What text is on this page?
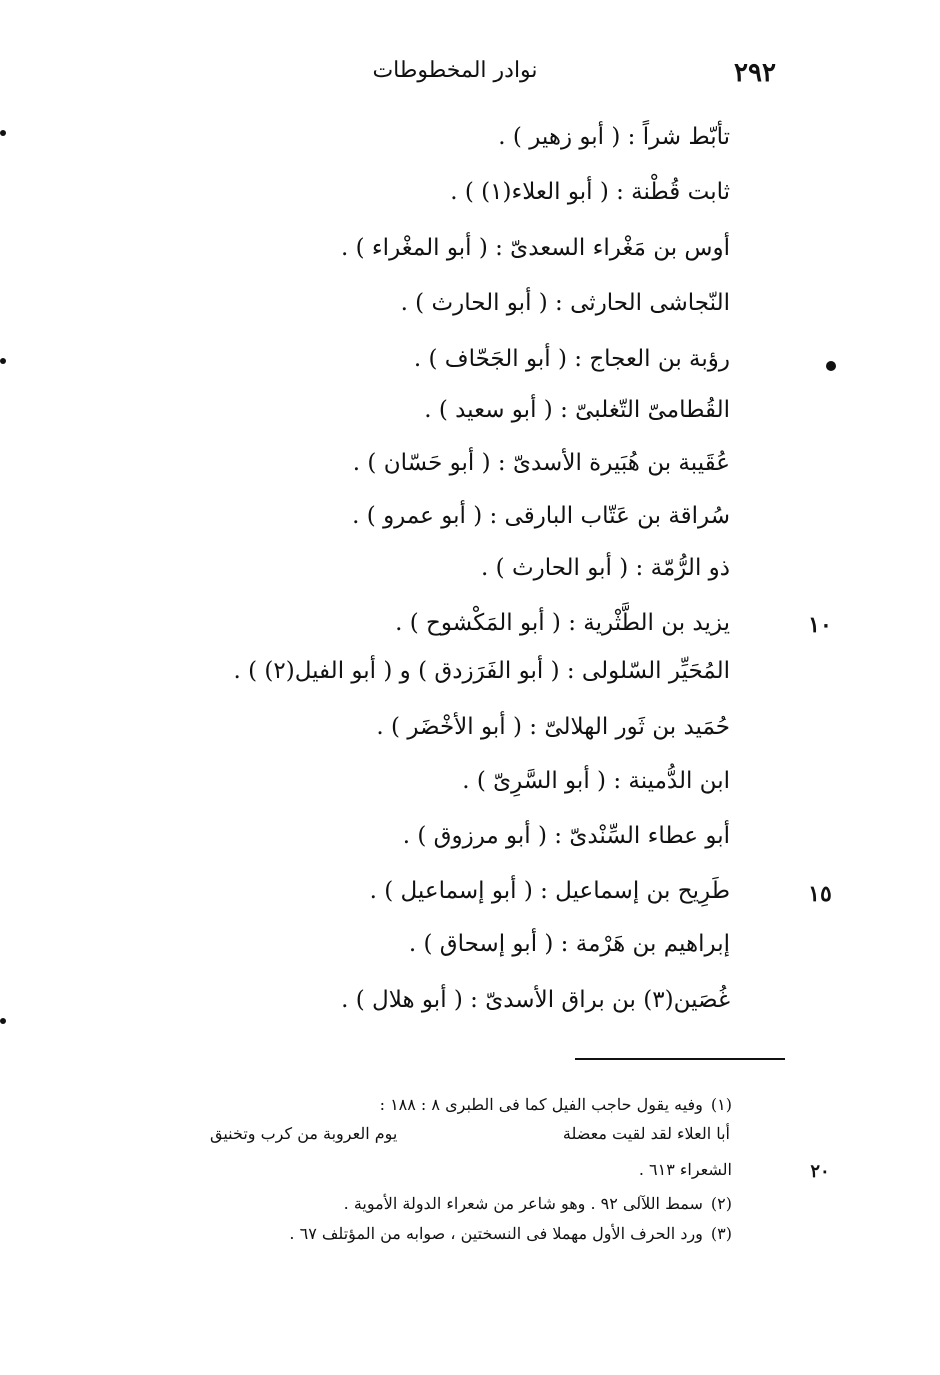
٢٩٢
نوادر المخطوطات
تأبّط شراً : ( أبو زهير ) .
ثابت قُطْنة : ( أبو العلاء(١) ) .
أوس بن مَغْراء السعدىّ : ( أبو المغْراء ) .
النّجاشى الحارثى : ( أبو الحارث ) .
رؤبة بن العجاج : ( أبو الجَحّاف ) .
القُطامىّ التّغلبىّ : ( أبو سعيد ) .
عُقَيبة بن هُبَيرة الأسدىّ : ( أبو حَسّان ) .
سُراقة بن عَتّاب البارقى : ( أبو عمرو ) .
ذو الرُّمّة : ( أبو الحارث ) .
يزيد بن الطَّثْرية : ( أبو المَكْشوح ) .
المُحَيِّر السّلولى : ( أبو الفَرَزدق ) و ( أبو الفيل(٢) ) .
حُمَيد بن ثَور الهلالىّ : ( أبو الأخْضَر ) .
ابن الدُّمينة : ( أبو السَّرِىّ ) .
أبو عطاء السِّنْدىّ : ( أبو مرزوق ) .
طَرِيح بن إسماعيل : ( أبو إسماعيل ) .
إبراهيم بن هَرْمة : ( أبو إسحاق ) .
غُصَين(٣) بن براق الأسدىّ : ( أبو هلال ) .
١٠
١٥
(١)وفيه يقول حاجب الفيل كما فى الطبرى ٨ : ١٨٨ :
أبا العلاء لقد لقيت معضلة
يوم العروبة من كرب وتخنيق
٢٠
الشعراء ٦١٣ .
(٢)سمط اللآلى ٩٢ . وهو شاعر من شعراء الدولة الأموية .
(٣)ورد الحرف الأول مهملا فى النسختين ، صوابه من المؤتلف ٦٧ .
